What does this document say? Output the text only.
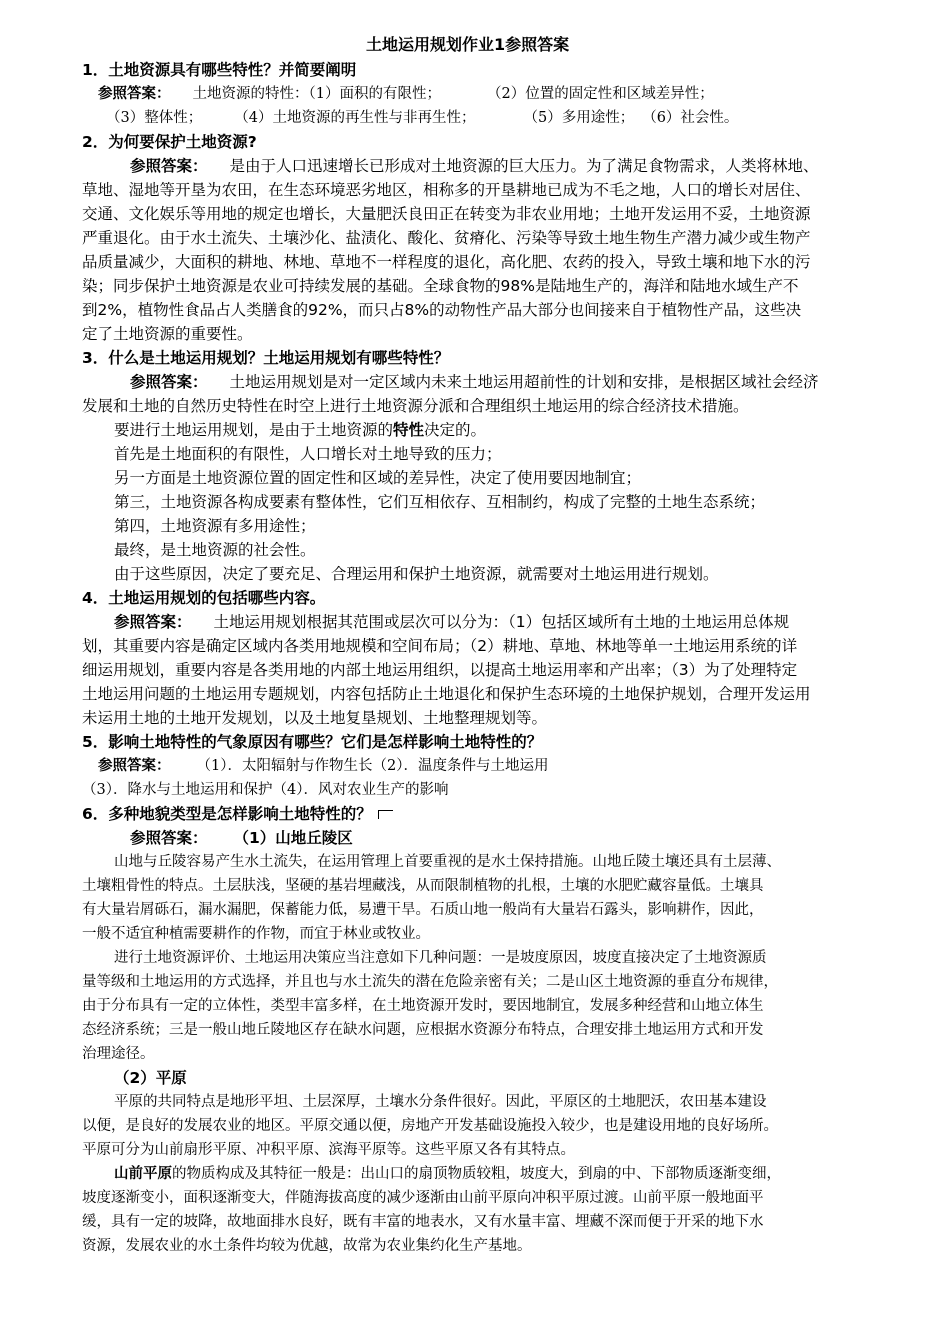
土地运用规划作业1参照答案
1．土地资源具有哪些特性？并简要阐明
参照答案： 土地资源的特性：（1）面积的有限性；	（2）位置的固定性和区域差异性；
（3）整体性； （4）土地资源的再生性与非再生性；	（5）多用途性； （6）社会性。
2．为何要保护土地资源?
参照答案： 是由于人口迅速增长已形成对土地资源的巨大压力。为了满足食物需求，人类将林地、
草地、湿地等开垦为农田，在生态环境恶劣地区，相称多的开垦耕地已成为不毛之地，人口的增长对居住、
交通、文化娱乐等用地的规定也增长，大量肥沃良田正在转变为非农业用地；土地开发运用不妥，土地资源
严重退化。由于水土流失、土壤沙化、盐渍化、酸化、贫瘠化、污染等导致土地生物生产潜力减少或生物产
品质量减少，大面积的耕地、林地、草地不一样程度的退化，高化肥、农药的投入，导致土壤和地下水的污
染；同步保护土地资源是农业可持续发展的基础。全球食物的98%是陆地生产的，海洋和陆地水域生产不
到2%，植物性食品占人类膳食的92%，而只占8%的动物性产品大部分也间接来自于植物性产品，这些决
定了土地资源的重要性。
3．什么是土地运用规划？土地运用规划有哪些特性？
参照答案： 土地运用规划是对一定区域内未来土地运用超前性的计划和安排，是根据区域社会经济
发展和土地的自然历史特性在时空上进行土地资源分派和合理组织土地运用的综合经济技术措施。
要进行土地运用规划，是由于土地资源的特性决定的。
首先是土地面积的有限性，人口增长对土地导致的压力；
另一方面是土地资源位置的固定性和区域的差异性，决定了使用要因地制宜；
第三，土地资源各构成要素有整体性，它们互相依存、互相制约，构成了完整的土地生态系统；
第四，土地资源有多用途性；
最终，是土地资源的社会性。
由于这些原因，决定了要充足、合理运用和保护土地资源，就需要对土地运用进行规划。
4．土地运用规划的包括哪些内容。
参照答案： 土地运用规划根据其范围或层次可以分为：（1）包括区域所有土地的土地运用总体规
划，其重要内容是确定区域内各类用地规模和空间布局；（2）耕地、草地、林地等单一土地运用系统的详
细运用规划，重要内容是各类用地的内部土地运用组织，以提高土地运用率和产出率；（3）为了处理特定
土地运用问题的土地运用专题规划，内容包括防止土地退化和保护生态环境的土地保护规划，合理开发运用
未运用土地的土地开发规划，以及土地复垦规划、土地整理规划等。
5．影响土地特性的气象原因有哪些？它们是怎样影响土地特性的？
参照答案： （1）．太阳辐射与作物生长（2）．温度条件与土地运用
（3）．降水与土地运用和保护（4）．风对农业生产的影响
6．多种地貌类型是怎样影响土地特性的？
参照答案： （1）山地丘陵区
山地与丘陵容易产生水土流失，在运用管理上首要重视的是水土保持措施。山地丘陵土壤还具有土层薄、
土壤粗骨性的特点。土层肤浅，坚硬的基岩埋藏浅，从而限制植物的扎根，土壤的水肥贮藏容量低。土壤具
有大量岩屑砾石，漏水漏肥，保蓄能力低，易遭干旱。石质山地一般尚有大量岩石露头，影响耕作，因此，
一般不适宜种植需要耕作的作物，而宜于林业或牧业。
进行土地资源评价、土地运用决策应当注意如下几种问题：一是坡度原因，坡度直接决定了土地资源质
量等级和土地运用的方式选择，并且也与水土流失的潜在危险亲密有关；二是山区土地资源的垂直分布规律，
由于分布具有一定的立体性，类型丰富多样，在土地资源开发时，要因地制宜，发展多种经营和山地立体生
态经济系统；三是一般山地丘陵地区存在缺水问题，应根据水资源分布特点，合理安排土地运用方式和开发
治理途径。
（2）平原
平原的共同特点是地形平坦、土层深厚，土壤水分条件很好。因此，平原区的土地肥沃，农田基本建设
以便，是良好的发展农业的地区。平原交通以便，房地产开发基础设施投入较少，也是建设用地的良好场所。
平原可分为山前扇形平原、冲积平原、滨海平原等。这些平原又各有其特点。
山前平原的物质构成及其特征一般是：出山口的扇顶物质较粗，坡度大，到扇的中、下部物质逐渐变细，
坡度逐渐变小，面积逐渐变大，伴随海拔高度的减少逐渐由山前平原向冲积平原过渡。山前平原一般地面平
缓，具有一定的坡降，故地面排水良好，既有丰富的地表水，又有水量丰富、埋藏不深而便于开采的地下水
资源，发展农业的水土条件均较为优越，故常为农业集约化生产基地。
